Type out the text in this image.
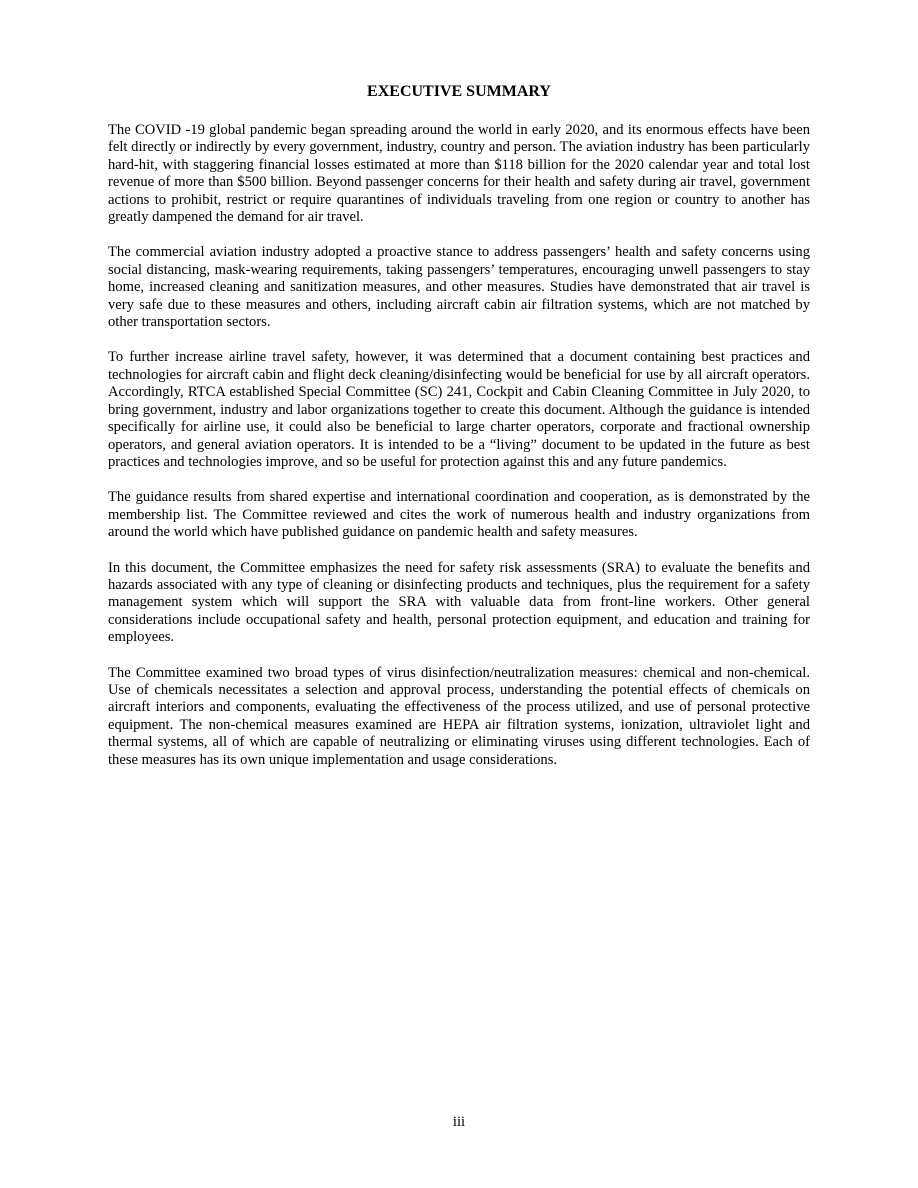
EXECUTIVE SUMMARY

The COVID -19 global pandemic began spreading around the world in early 2020, and its enormous effects have been felt directly or indirectly by every government, industry, country and person. The aviation industry has been particularly hard-hit, with staggering financial losses estimated at more than $118 billion for the 2020 calendar year and total lost revenue of more than $500 billion. Beyond passenger concerns for their health and safety during air travel, government actions to prohibit, restrict or require quarantines of individuals traveling from one region or country to another has greatly dampened the demand for air travel.

The commercial aviation industry adopted a proactive stance to address passengers’ health and safety concerns using social distancing, mask-wearing requirements, taking passengers’ temperatures, encouraging unwell passengers to stay home, increased cleaning and sanitization measures, and other measures. Studies have demonstrated that air travel is very safe due to these measures and others, including aircraft cabin air filtration systems, which are not matched by other transportation sectors.

To further increase airline travel safety, however, it was determined that a document containing best practices and technologies for aircraft cabin and flight deck cleaning/disinfecting would be beneficial for use by all aircraft operators. Accordingly, RTCA established Special Committee (SC) 241, Cockpit and Cabin Cleaning Committee in July 2020, to bring government, industry and labor organizations together to create this document. Although the guidance is intended specifically for airline use, it could also be beneficial to large charter operators, corporate and fractional ownership operators, and general aviation operators. It is intended to be a “living” document to be updated in the future as best practices and technologies improve, and so be useful for protection against this and any future pandemics.

The guidance results from shared expertise and international coordination and cooperation, as is demonstrated by the membership list. The Committee reviewed and cites the work of numerous health and industry organizations from around the world which have published guidance on pandemic health and safety measures.

In this document, the Committee emphasizes the need for safety risk assessments (SRA) to evaluate the benefits and hazards associated with any type of cleaning or disinfecting products and techniques, plus the requirement for a safety management system which will support the SRA with valuable data from front-line workers. Other general considerations include occupational safety and health, personal protection equipment, and education and training for employees.

The Committee examined two broad types of virus disinfection/neutralization measures: chemical and non-chemical. Use of chemicals necessitates a selection and approval process, understanding the potential effects of chemicals on aircraft interiors and components, evaluating the effectiveness of the process utilized, and use of personal protective equipment. The non-chemical measures examined are HEPA air filtration systems, ionization, ultraviolet light and thermal systems, all of which are capable of neutralizing or eliminating viruses using different technologies. Each of these measures has its own unique implementation and usage considerations.

iii
